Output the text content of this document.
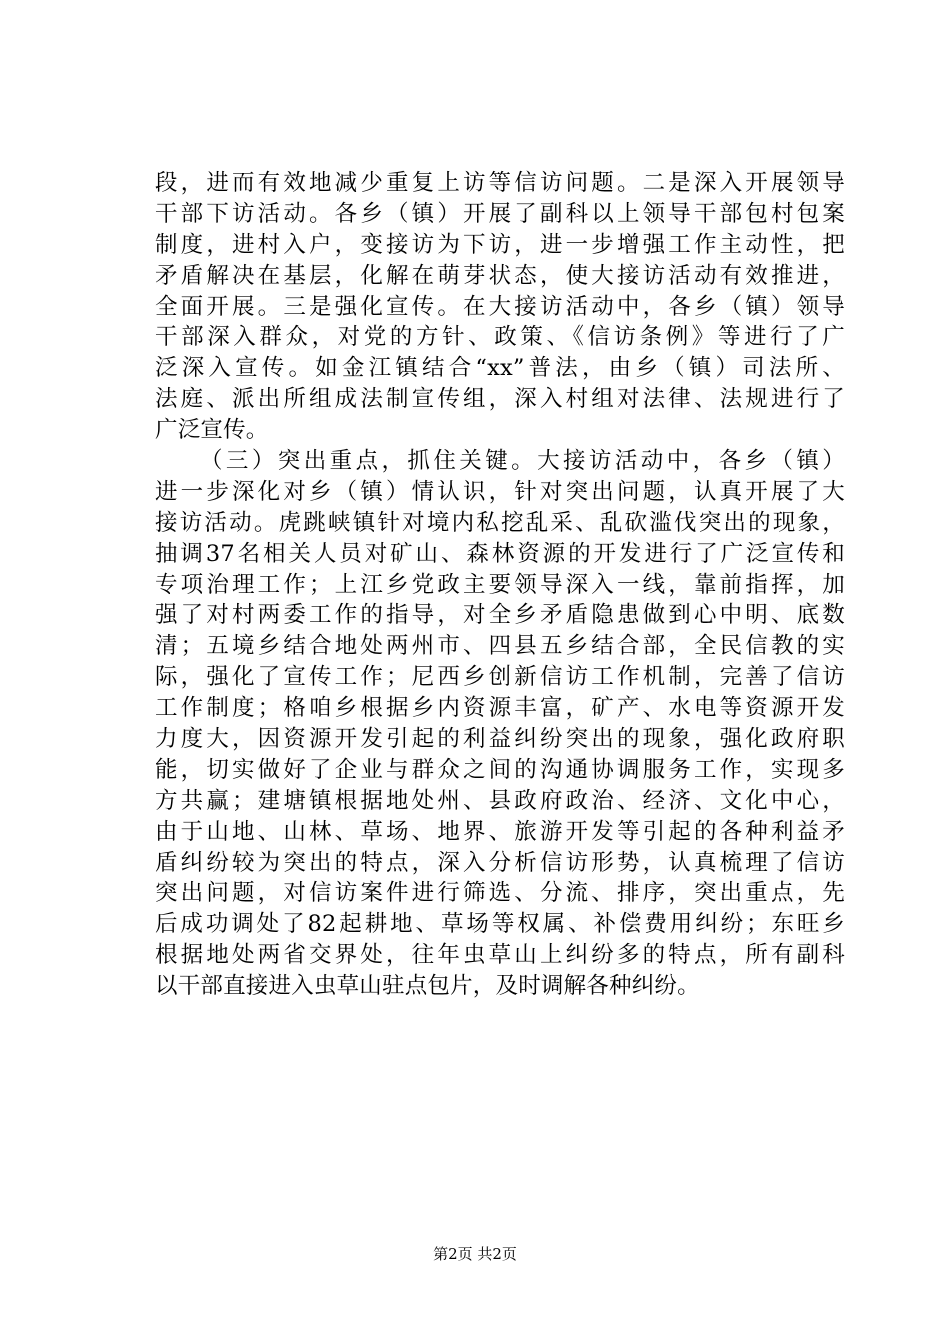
段，进而有效地减少重复上访等信访问题。二是深入开展领导
干部下访活动。各乡（镇）开展了副科以上领导干部包村包案
制度，进村入户，变接访为下访，进一步增强工作主动性，把
矛盾解决在基层，化解在萌芽状态，使大接访活动有效推进，
全面开展。三是强化宣传。在大接访活动中，各乡（镇）领导
干部深入群众，对党的方针、政策、《信访条例》等进行了广
泛深入宣传。如金江镇结合“xx”普法，由乡（镇）司法所、
法庭、派出所组成法制宣传组，深入村组对法律、法规进行了
广泛宣传。
（三）突出重点，抓住关键。大接访活动中，各乡（镇）
进一步深化对乡（镇）情认识，针对突出问题，认真开展了大
接访活动。虎跳峡镇针对境内私挖乱采、乱砍滥伐突出的现象，
抽调37名相关人员对矿山、森林资源的开发进行了广泛宣传和
专项治理工作；上江乡党政主要领导深入一线，靠前指挥，加
强了对村两委工作的指导，对全乡矛盾隐患做到心中明、底数
清；五境乡结合地处两州市、四县五乡结合部，全民信教的实
际，强化了宣传工作；尼西乡创新信访工作机制，完善了信访
工作制度；格咱乡根据乡内资源丰富，矿产、水电等资源开发
力度大，因资源开发引起的利益纠纷突出的现象，强化政府职
能，切实做好了企业与群众之间的沟通协调服务工作，实现多
方共赢；建塘镇根据地处州、县政府政治、经济、文化中心，
由于山地、山林、草场、地界、旅游开发等引起的各种利益矛
盾纠纷较为突出的特点，深入分析信访形势，认真梳理了信访
突出问题，对信访案件进行筛选、分流、排序，突出重点，先
后成功调处了82起耕地、草场等权属、补偿费用纠纷；东旺乡
根据地处两省交界处，往年虫草山上纠纷多的特点，所有副科
以干部直接进入虫草山驻点包片，及时调解各种纠纷。
第2页 共2页
